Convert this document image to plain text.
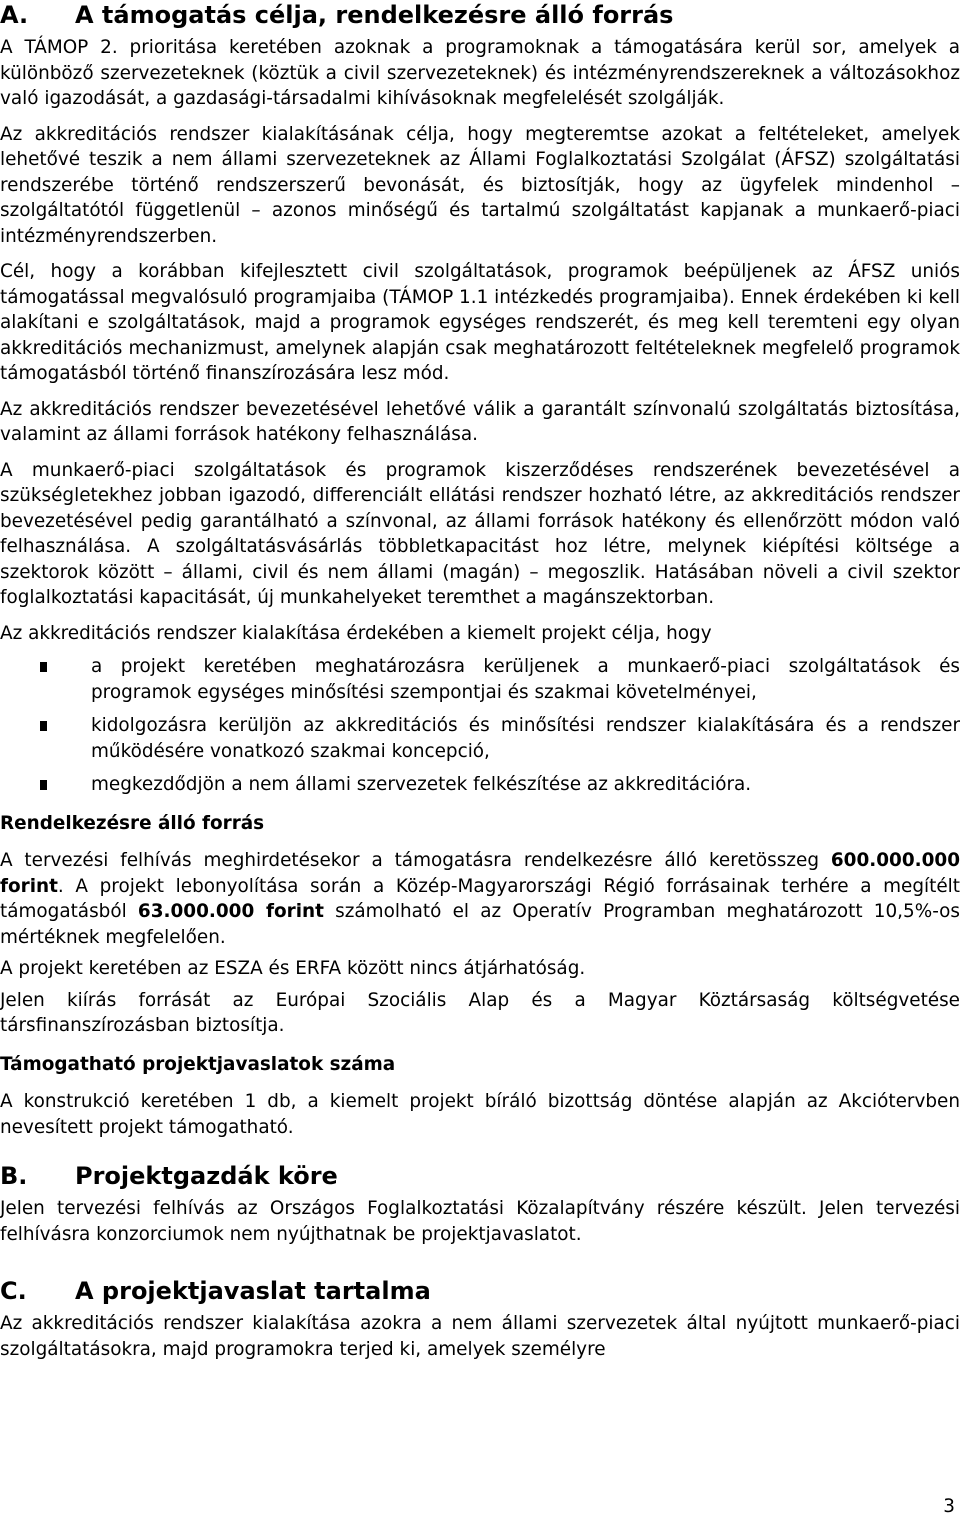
A.	A támogatás célja, rendelkezésre álló forrás

A TÁMOP 2. prioritása keretében azoknak a programoknak a támogatására kerül sor, amelyek a különböző szervezeteknek (köztük a civil szervezeteknek) és intézményrendszereknek a változásokhoz való igazodását, a gazdasági-társadalmi kihívásoknak megfelelését szolgálják.

Az akkreditációs rendszer kialakításának célja, hogy megteremtse azokat a feltételeket, amelyek lehetővé teszik a nem állami szervezeteknek az Állami Foglalkoztatási Szolgálat (ÁFSZ) szolgáltatási rendszerébe történő rendszerszerű bevonását, és biztosítják, hogy az ügyfelek mindenhol – szolgáltatótól függetlenül – azonos minőségű és tartalmú szolgáltatást kapjanak a munkaerő-piaci intézményrendszerben.

Cél, hogy a korábban kifejlesztett civil szolgáltatások, programok beépüljenek az ÁFSZ uniós támogatással megvalósuló programjaiba (TÁMOP 1.1 intézkedés programjaiba). Ennek érdekében ki kell alakítani e szolgáltatások, majd a programok egységes rendszerét, és meg kell teremteni egy olyan akkreditációs mechanizmust, amelynek alapján csak meghatározott feltételeknek megfelelő programok támogatásból történő finanszírozására lesz mód.

Az akkreditációs rendszer bevezetésével lehetővé válik a garantált színvonalú szolgáltatás biztosítása, valamint az állami források hatékony felhasználása.

A munkaerő-piaci szolgáltatások és programok kiszerződéses rendszerének bevezetésével a szükségletekhez jobban igazodó, differenciált ellátási rendszer hozható létre, az akkreditációs rendszer bevezetésével pedig garantálható a színvonal, az állami források hatékony és ellenőrzött módon való felhasználása. A szolgáltatásvásárlás többletkapacitást hoz létre, melynek kiépítési költsége a szektorok között – állami, civil és nem állami (magán) – megoszlik. Hatásában növeli a civil szektor foglalkoztatási kapacitását, új munkahelyeket teremthet a magánszektorban.

Az akkreditációs rendszer kialakítása érdekében a kiemelt projekt célja, hogy

a projekt keretében meghatározásra kerüljenek a munkaerő-piaci szolgáltatások és programok egységes minősítési szempontjai és szakmai követelményei,
kidolgozásra kerüljön az akkreditációs és minősítési rendszer kialakítására és a rendszer működésére vonatkozó szakmai koncepció,
megkezdődjön a nem állami szervezetek felkészítése az akkreditációra.
Rendelkezésre álló forrás

A tervezési felhívás meghirdetésekor a támogatásra rendelkezésre álló keretösszeg 600.000.000 forint. A projekt lebonyolítása során a Közép-Magyarországi Régió forrásainak terhére a megítélt támogatásból 63.000.000 forint számolható el az Operatív Programban meghatározott 10,5%-os mértéknek megfelelően.

A projekt keretében az ESZA és ERFA között nincs átjárhatóság.

Jelen kiírás forrását az Európai Szociális Alap és a Magyar Köztársaság költségvetése társfinanszírozásban biztosítja.

Támogatható projektjavaslatok száma

A konstrukció keretében 1 db, a kiemelt projekt bíráló bizottság döntése alapján az Akciótervben nevesített projekt támogatható.

B.	Projektgazdák köre

Jelen tervezési felhívás az Országos Foglalkoztatási Közalapítvány részére készült. Jelen tervezési felhívásra konzorciumok nem nyújthatnak be projektjavaslatot.

C.	A projektjavaslat tartalma

Az akkreditációs rendszer kialakítása azokra a nem állami szervezetek által nyújtott munkaerő-piaci szolgáltatásokra, majd programokra terjed ki, amelyek személyre

3
